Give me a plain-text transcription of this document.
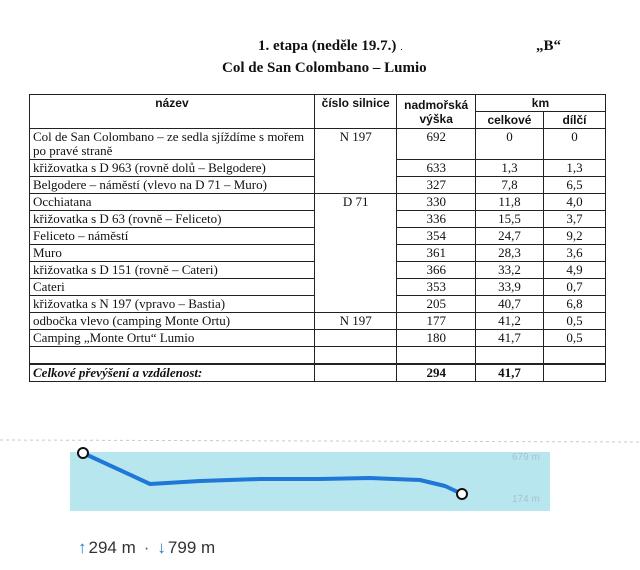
1. etapa (neděle 19.7.) .	„B“
Col de San Colombano – Lumio
název	číslo silnice	nadmořská výška	km	
			celkové	dílčí
Col de San Colombano – ze sedla sjíždíme s mořem po pravé straně	N 197	692	0	0
křižovatka s D 963 (rovně dolů – Belgodere)		633	1,3	1,3
Belgodere – náměstí (vlevo na D 71 – Muro)		327	7,8	6,5
Occhiatana	D 71	330	11,8	4,0
křižovatka s D 63 (rovně – Feliceto)		336	15,5	3,7
Feliceto – náměstí		354	24,7	9,2
Muro		361	28,3	3,6
křižovatka s D 151 (rovně – Cateri)		366	33,2	4,9
Cateri		353	33,9	0,7
křižovatka s N 197 (vpravo – Bastia)		205	40,7	6,8
odbočka vlevo (camping Monte Ortu)	N 197	177	41,2	0,5
Camping „Monte Ortu“ Lumio		180	41,7	0,5

Celkové převýšení a vzdálenost:		294	41,7	
679 m
174 m
↑ 294 m · ↓ 799 m
